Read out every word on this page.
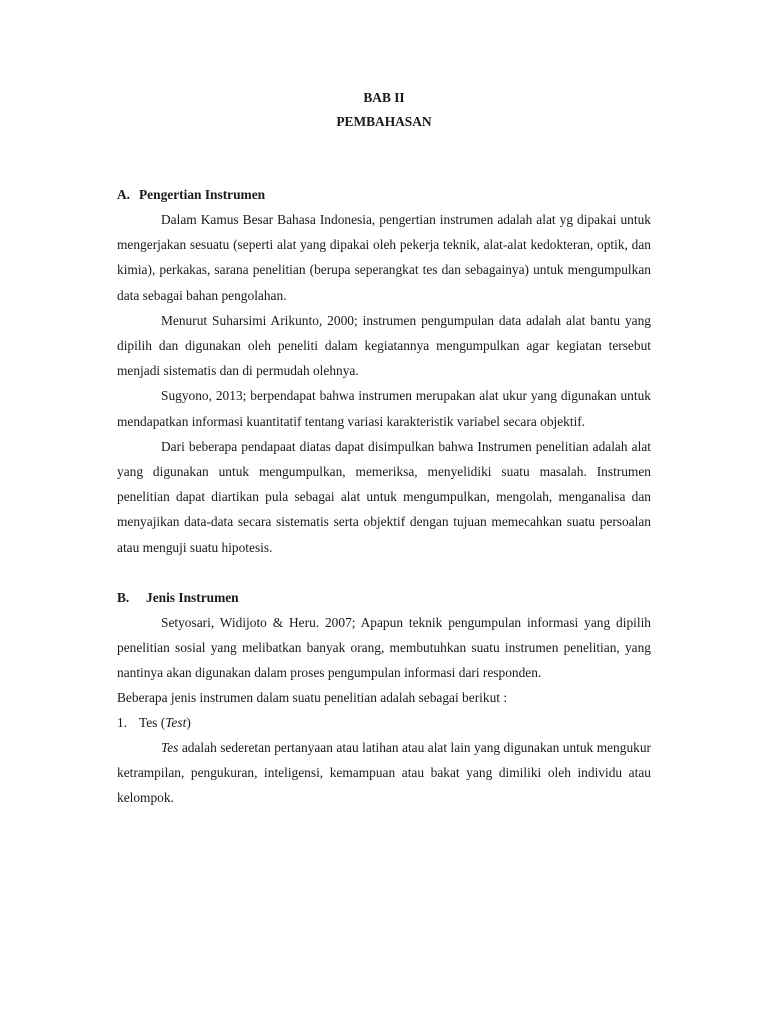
BAB II
PEMBAHASAN
A. Pengertian Instrumen

Dalam Kamus Besar Bahasa Indonesia, pengertian instrumen adalah alat yg dipakai untuk mengerjakan sesuatu (seperti alat yang dipakai oleh pekerja teknik, alat-alat kedokteran, optik, dan kimia), perkakas, sarana penelitian (berupa seperangkat tes dan sebagainya) untuk mengumpulkan data sebagai bahan pengolahan.

Menurut Suharsimi Arikunto, 2000; instrumen pengumpulan data adalah alat bantu yang dipilih dan digunakan oleh peneliti dalam kegiatannya mengumpulkan agar kegiatan tersebut menjadi sistematis dan di permudah olehnya.

Sugyono, 2013; berpendapat bahwa instrumen merupakan alat ukur yang digunakan untuk mendapatkan informasi kuantitatif tentang variasi karakteristik variabel secara objektif.

Dari beberapa pendapaat diatas dapat disimpulkan bahwa Instrumen penelitian adalah alat yang digunakan untuk mengumpulkan, memeriksa, menyelidiki suatu masalah. Instrumen penelitian dapat diartikan pula sebagai alat untuk mengumpulkan, mengolah, menganalisa dan menyajikan data-data secara sistematis serta objektif dengan tujuan memecahkan suatu persoalan atau menguji suatu hipotesis.

B.	Jenis Instrumen

Setyosari, Widijoto & Heru. 2007; Apapun teknik pengumpulan informasi yang dipilih penelitian sosial yang melibatkan banyak orang, membutuhkan suatu instrumen penelitian, yang nantinya akan digunakan dalam proses pengumpulan informasi dari responden.

Beberapa jenis instrumen dalam suatu penelitian adalah sebagai berikut :

1. Tes (Test)

Tes adalah sederetan pertanyaan atau latihan atau alat lain yang digunakan untuk mengukur ketrampilan, pengukuran, inteligensi, kemampuan atau bakat yang dimiliki oleh individu atau kelompok.
